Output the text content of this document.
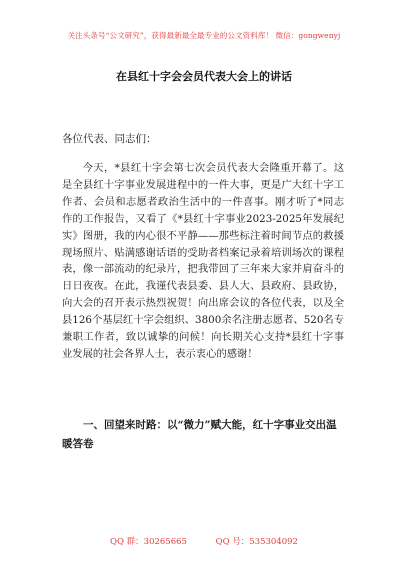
关注头条号“公文研究”，获得最新最全最专业的公文资料库！ 微信：gongwenyj
在县红十字会会员代表大会上的讲话
各位代表、同志们：

今天，*县红十字会第七次会员代表大会隆重开幕了。这是全县红十字事业发展进程中的一件大事，更是广大红十字工作者、会员和志愿者政治生活中的一件喜事。刚才听了*同志作的工作报告，又看了《*县红十字事业2023-2025年发展纪实》图册，我的内心很不平静——那些标注着时间节点的救援现场照片、贴满感谢话语的受助者档案记录着培训场次的课程表，像一部流动的纪录片，把我带回了三年来大家并肩奋斗的日日夜夜。在此，我谨代表县委、县人大、县政府、县政协，向大会的召开表示热烈祝贺！向出席会议的各位代表，以及全县126个基层红十字会组织、3800余名注册志愿者、520名专兼职工作者，致以诚挚的问候！向长期关心支持*县红十字事业发展的社会各界人士，表示衷心的感谢！

一、回望来时路：以“微力”赋大能，红十字事业交出温暖答卷

QQ 群：30265665	QQ 号：535304092
